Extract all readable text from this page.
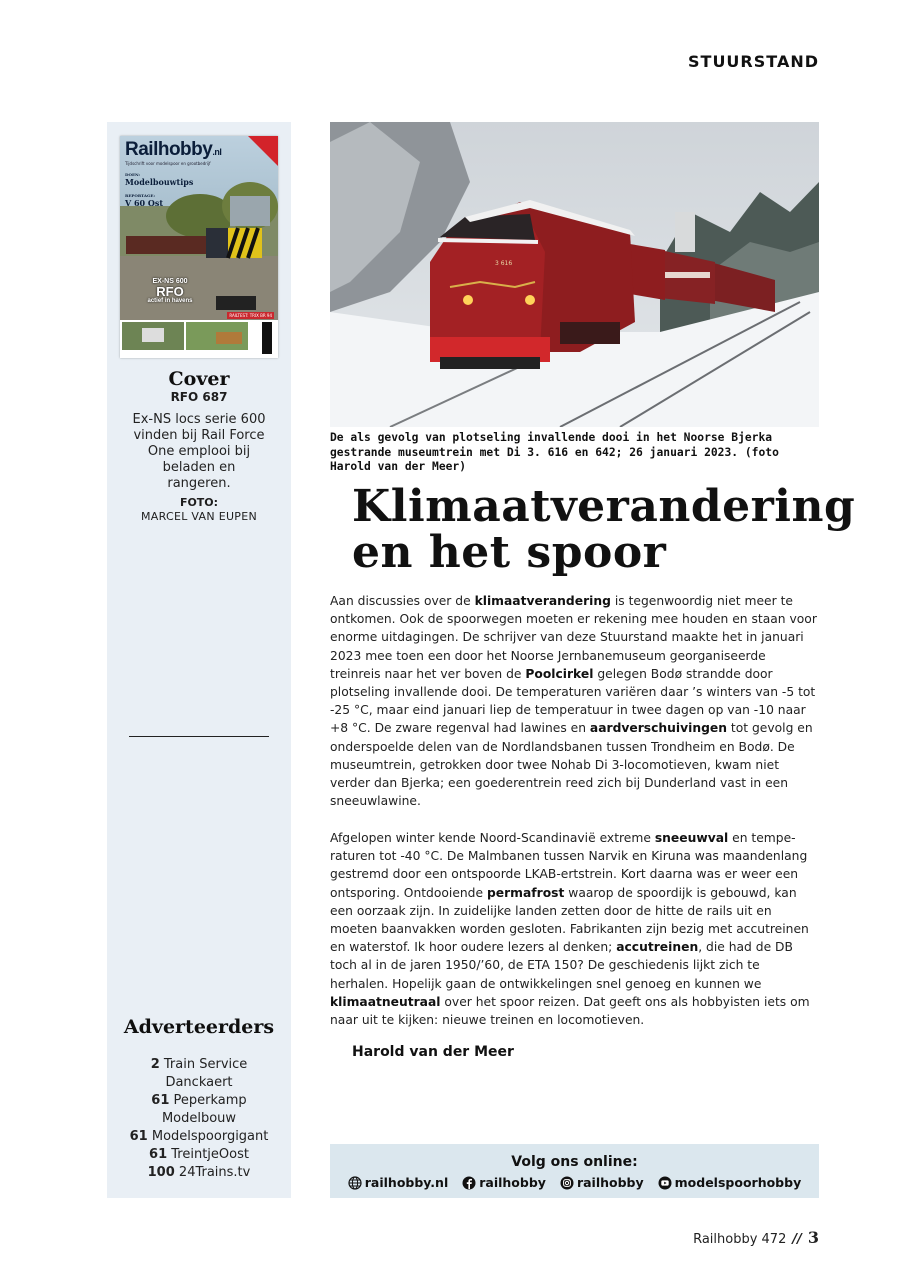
STUURSTAND
Railhobby.nl
Tijdschrift voor modelspoor en grootbedrijf
DOEN:
Modelbouwtips
REPORTAGE:
V 60 Ost
EX-NS 600
RFO
actief in havens
RAILTEST: TRIX BR 94
Cover
RFO 687
Ex-NS locs serie 600 vinden bij Rail Force One emplooi bij beladen en rangeren.
FOTO:
MARCEL VAN EUPEN
Adverteerders
2 Train Service Danckaert
61 Peperkamp Modelbouw
61 Modelspoorgigant
61 TreintjeOost
100 24Trains.tv
3 616
De als gevolg van plotseling invallende dooi in het Noorse Bjerka gestrande museumtrein met Di 3. 616 en 642; 26 januari 2023. (foto Harold van der Meer)
Klimaatverandering
en het spoor

Aan discussies over de klimaatverandering is tegenwoordig niet meer te ontkomen. Ook de spoorwegen moeten er rekening mee houden en staan voor enorme uitdagingen. De schrijver van deze Stuurstand maakte het in januari 2023 mee toen een door het Noorse Jernbanemuseum georganiseerde treinreis naar het ver boven de Poolcirkel gelegen Bodø strandde door plotseling invallende dooi. De temperaturen variëren daar ’s winters van -5 tot -25 °C, maar eind januari liep de temperatuur in twee dagen op van -10 naar +8 °C. De zware regenval had lawines en aardverschuivingen tot gevolg en onderspoelde delen van de Nordlandsbanen tussen Trondheim en Bodø. De museumtrein, getrokken door twee Nohab Di 3-locomotieven, kwam niet verder dan Bjerka; een goederentrein reed zich bij Dunderland vast in een sneeuwlawine.

Afgelopen winter kende Noord-Scandinavië extreme sneeuwval en temperaturen tot -40 °C. De Malmbanen tussen Narvik en Kiruna was maandenlang gestremd door een ontspoorde LKAB-ertstrein. Kort daarna was er weer een ontsporing. Ontdooiende permafrost waarop de spoordijk is gebouwd, kan een oorzaak zijn. In zuidelijke landen zetten door de hitte de rails uit en moeten baanvakken worden gesloten. Fabrikanten zijn bezig met accutreinen en waterstof. Ik hoor oudere lezers al denken; accutreinen, die had de DB toch al in de jaren 1950/’60, de ETA 150? De geschiedenis lijkt zich te herhalen. Hopelijk gaan de ontwikkelingen snel genoeg en kunnen we klimaatneutraal over het spoor reizen. Dat geeft ons als hobbyisten iets om naar uit te kijken: nieuwe treinen en locomotieven.

Harold van der Meer
Volg ons online:
railhobby.nl railhobby railhobby modelspoorhobby
Railhobby 472 // 3
